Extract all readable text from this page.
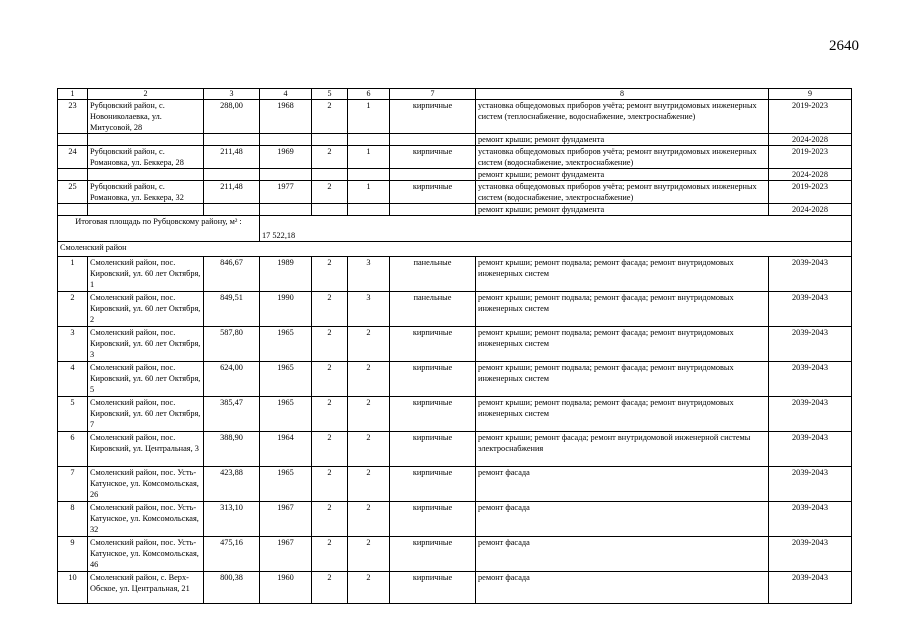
2640
1	2	3	4	5	6	7	8	9
23	Рубцовский район, с. Новониколаевка, ул. Митусовой, 28	288,00	1968	2	1	кирпичные	установка общедомовых приборов учёта; ремонт внутридомовых инженерных систем (теплоснабжение, водоснабжение, электроснабжение)	2019-2023
							ремонт крыши; ремонт фундамента	2024-2028
24	Рубцовский район, с. Романовка, ул. Беккера, 28	211,48	1969	2	1	кирпичные	установка общедомовых приборов учёта; ремонт внутридомовых инженерных систем (водоснабжение, электроснабжение)	2019-2023
							ремонт крыши; ремонт фундамента	2024-2028
25	Рубцовский район, с. Романовка, ул. Беккера, 32	211,48	1977	2	1	кирпичные	установка общедомовых приборов учёта; ремонт внутридомовых инженерных систем (водоснабжение, электроснабжение)	2019-2023
							ремонт крыши; ремонт фундамента	2024-2028
Итоговая площадь по Рубцовскому району, м² :			17 522,18					
Смоленский район								
1	Смоленский район, пос. Кировский, ул. 60 лет Октября, 1	846,67	1989	2	3	панельные	ремонт крыши; ремонт подвала; ремонт фасада; ремонт внутридомовых инженерных систем	2039-2043
2	Смоленский район, пос. Кировский, ул. 60 лет Октября, 2	849,51	1990	2	3	панельные	ремонт крыши; ремонт подвала; ремонт фасада; ремонт внутридомовых инженерных систем	2039-2043
3	Смоленский район, пос. Кировский, ул. 60 лет Октября, 3	587,80	1965	2	2	кирпичные	ремонт крыши; ремонт подвала; ремонт фасада; ремонт внутридомовых инженерных систем	2039-2043
4	Смоленский район, пос. Кировский, ул. 60 лет Октября, 5	624,00	1965	2	2	кирпичные	ремонт крыши; ремонт подвала; ремонт фасада; ремонт внутридомовых инженерных систем	2039-2043
5	Смоленский район, пос. Кировский, ул. 60 лет Октября, 7	385,47	1965	2	2	кирпичные	ремонт крыши; ремонт подвала; ремонт фасада; ремонт внутридомовых инженерных систем	2039-2043
6	Смоленский район, пос. Кировский, ул. Центральная, 3	388,90	1964	2	2	кирпичные	ремонт крыши; ремонт фасада; ремонт внутридомовой инженерной системы электроснабжения	2039-2043
7	Смоленский район, пос. Усть-Катунское, ул. Комсомольская, 26	423,88	1965	2	2	кирпичные	ремонт фасада	2039-2043
8	Смоленский район, пос. Усть-Катунское, ул. Комсомольская, 32	313,10	1967	2	2	кирпичные	ремонт фасада	2039-2043
9	Смоленский район, пос. Усть-Катунское, ул. Комсомольская, 46	475,16	1967	2	2	кирпичные	ремонт фасада	2039-2043
10	Смоленский район, с. Верх-Обское, ул. Центральная, 21	800,38	1960	2	2	кирпичные	ремонт фасада	2039-2043
